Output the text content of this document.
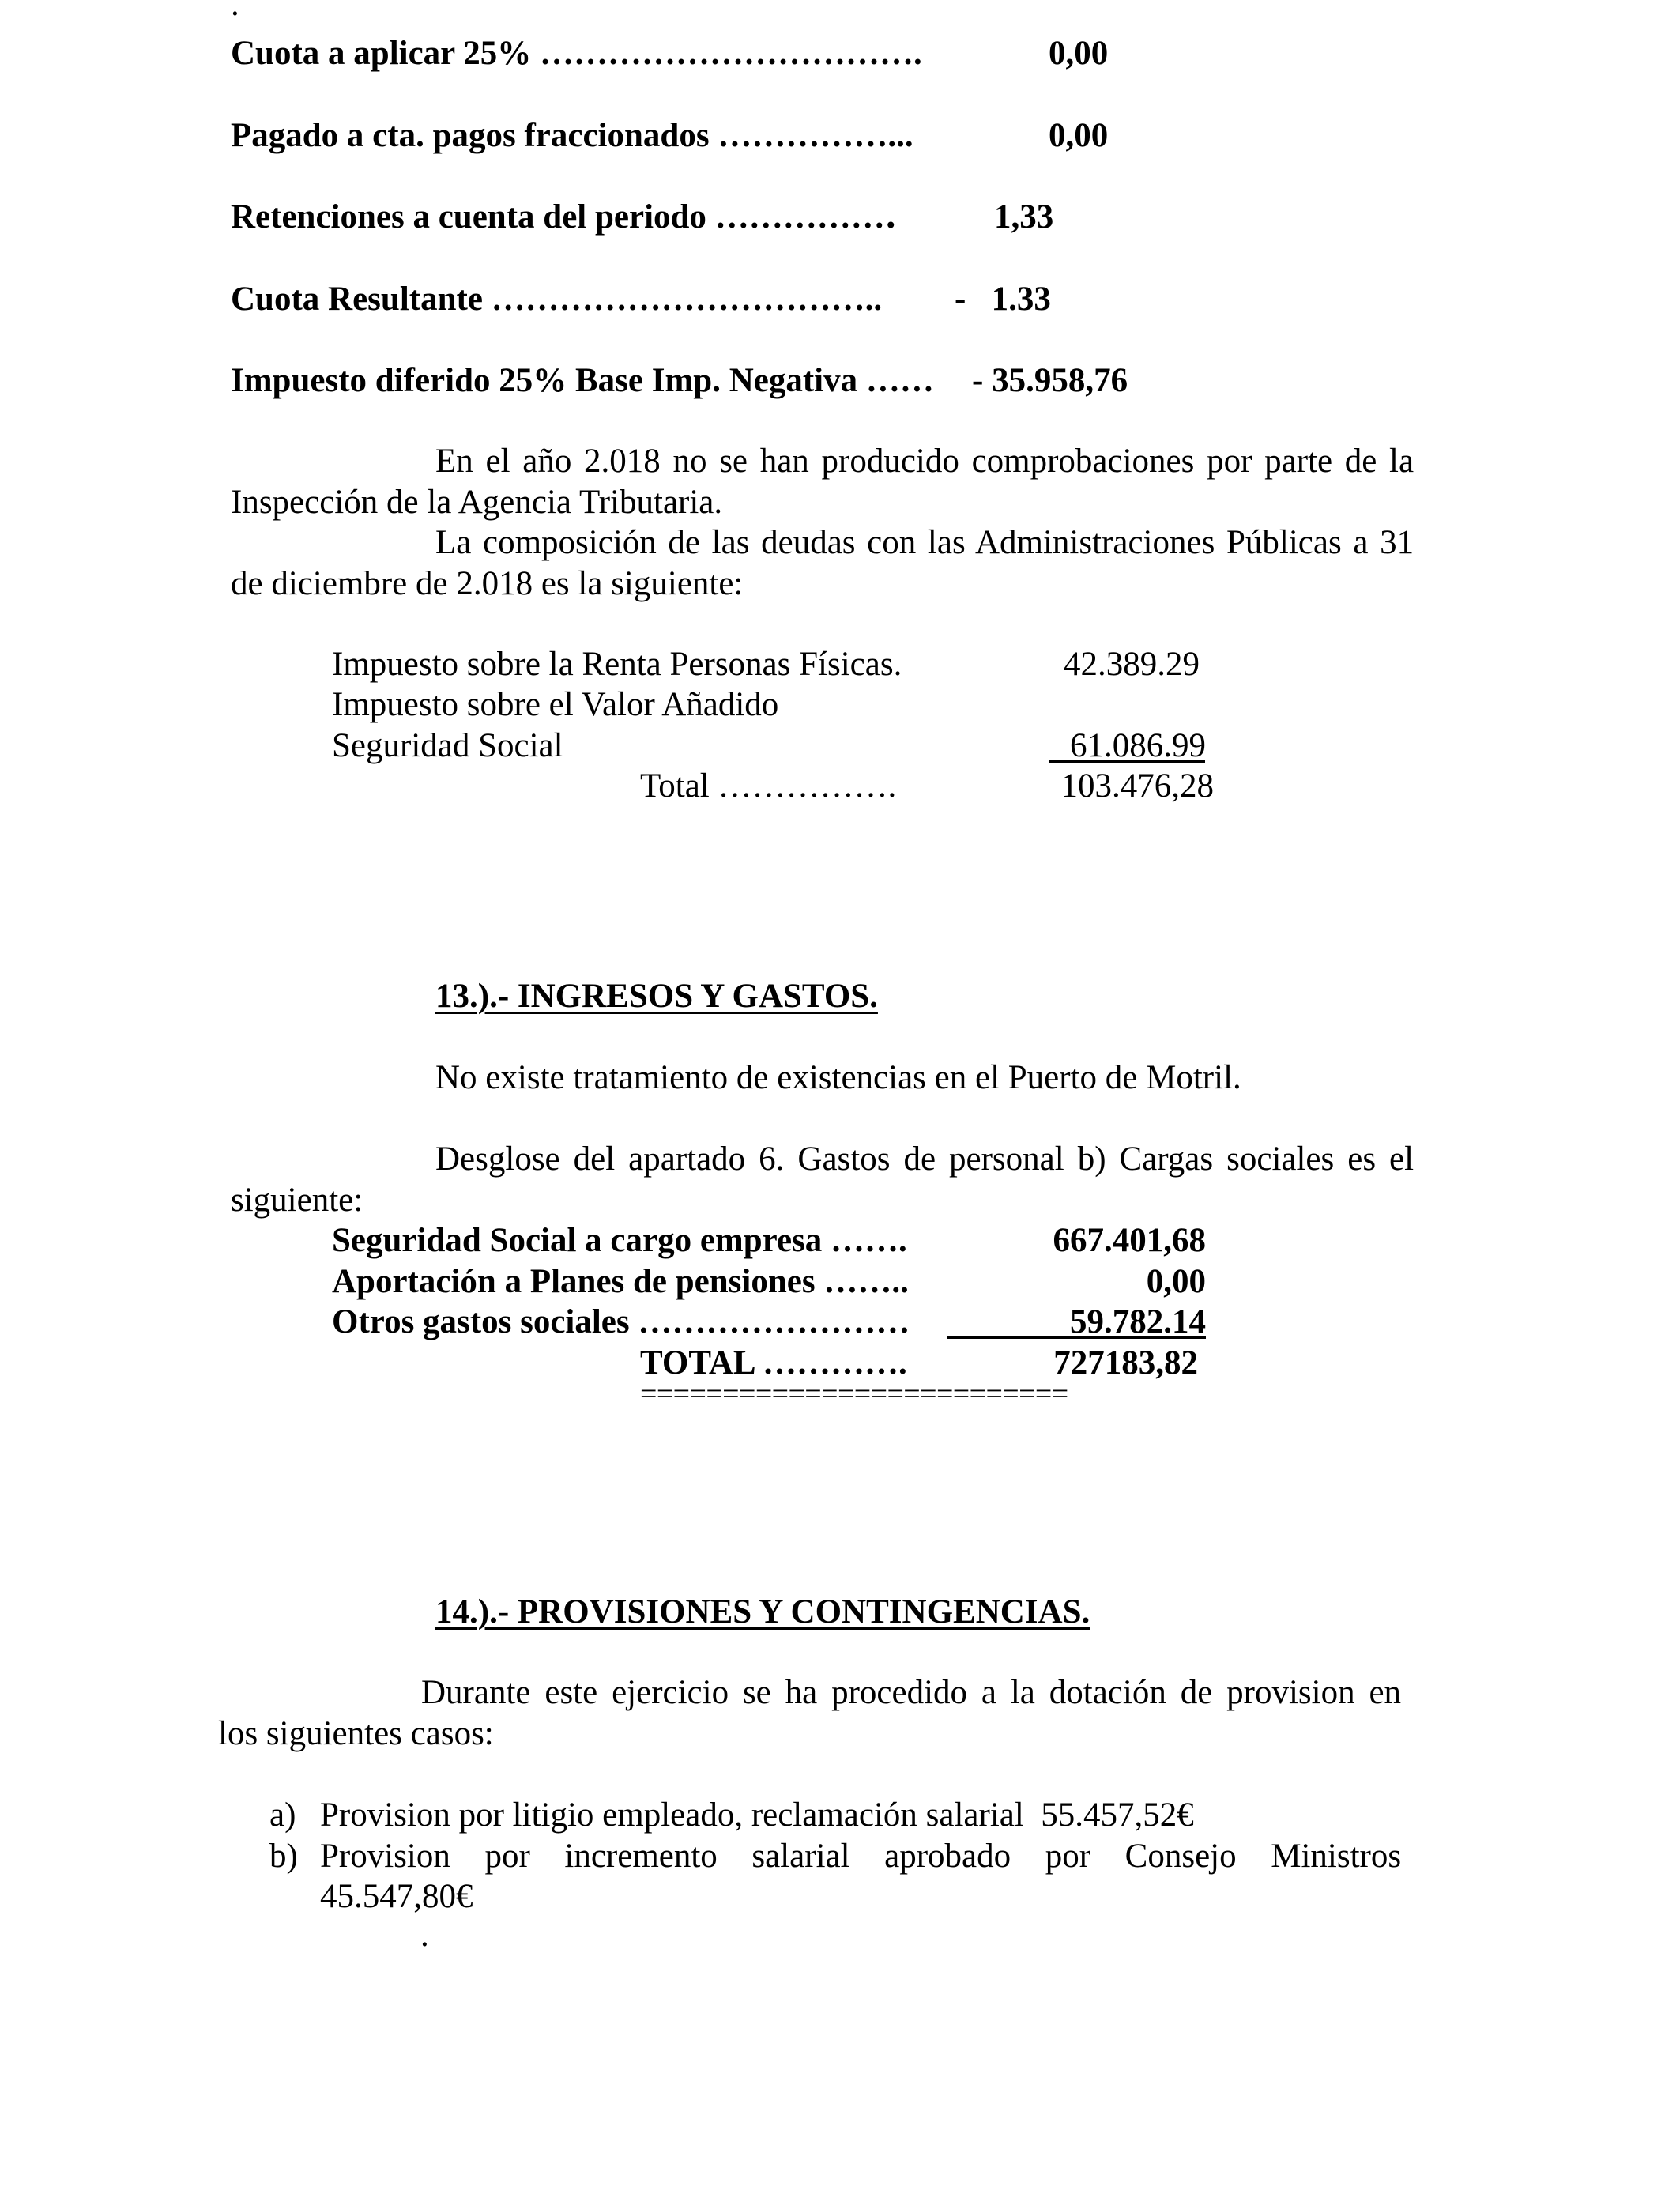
.
Cuota a aplicar 25% …………………………….	0,00
Pagado a cta. pagos fraccionados ……………...	0,00
Retenciones a cuenta del periodo ……………․	1,33
Cuota Resultante …………………………….. -   1.33
Impuesto diferido 25% Base Imp. Negativa …… - 35.958,76
En el año 2.018 no se han producido comprobaciones por parte de la
Inspección de la Agencia Tributaria.
La composición de las deudas con las Administraciones Públicas a 31
de diciembre de 2.018 es la siguiente:
Impuesto sobre la Renta Personas Físicas.	42.389.29
Impuesto sobre el Valor Añadido
Seguridad Social	61.086.99
Total …………….	103.476,28
13.).- INGRESOS Y GASTOS.
No existe tratamiento de existencias en el Puerto de Motril.
Desglose del apartado 6. Gastos de personal b) Cargas sociales es el
siguiente:
Seguridad Social a cargo empresa …….	667.401,68
Aportación a Planes de pensiones ……..	0,00
Otros gastos sociales ……………………	59.782.14
TOTAL ………….	727183,82
==========================
14.).- PROVISIONES Y CONTINGENCIAS.
Durante este ejercicio se ha procedido a la dotación de provision en
los siguientes casos:
a) Provision por litigio empleado, reclamación salarial  55.457,52€
b) Provision por incremento salarial aprobado por Consejo Ministros
45.547,80€
.
